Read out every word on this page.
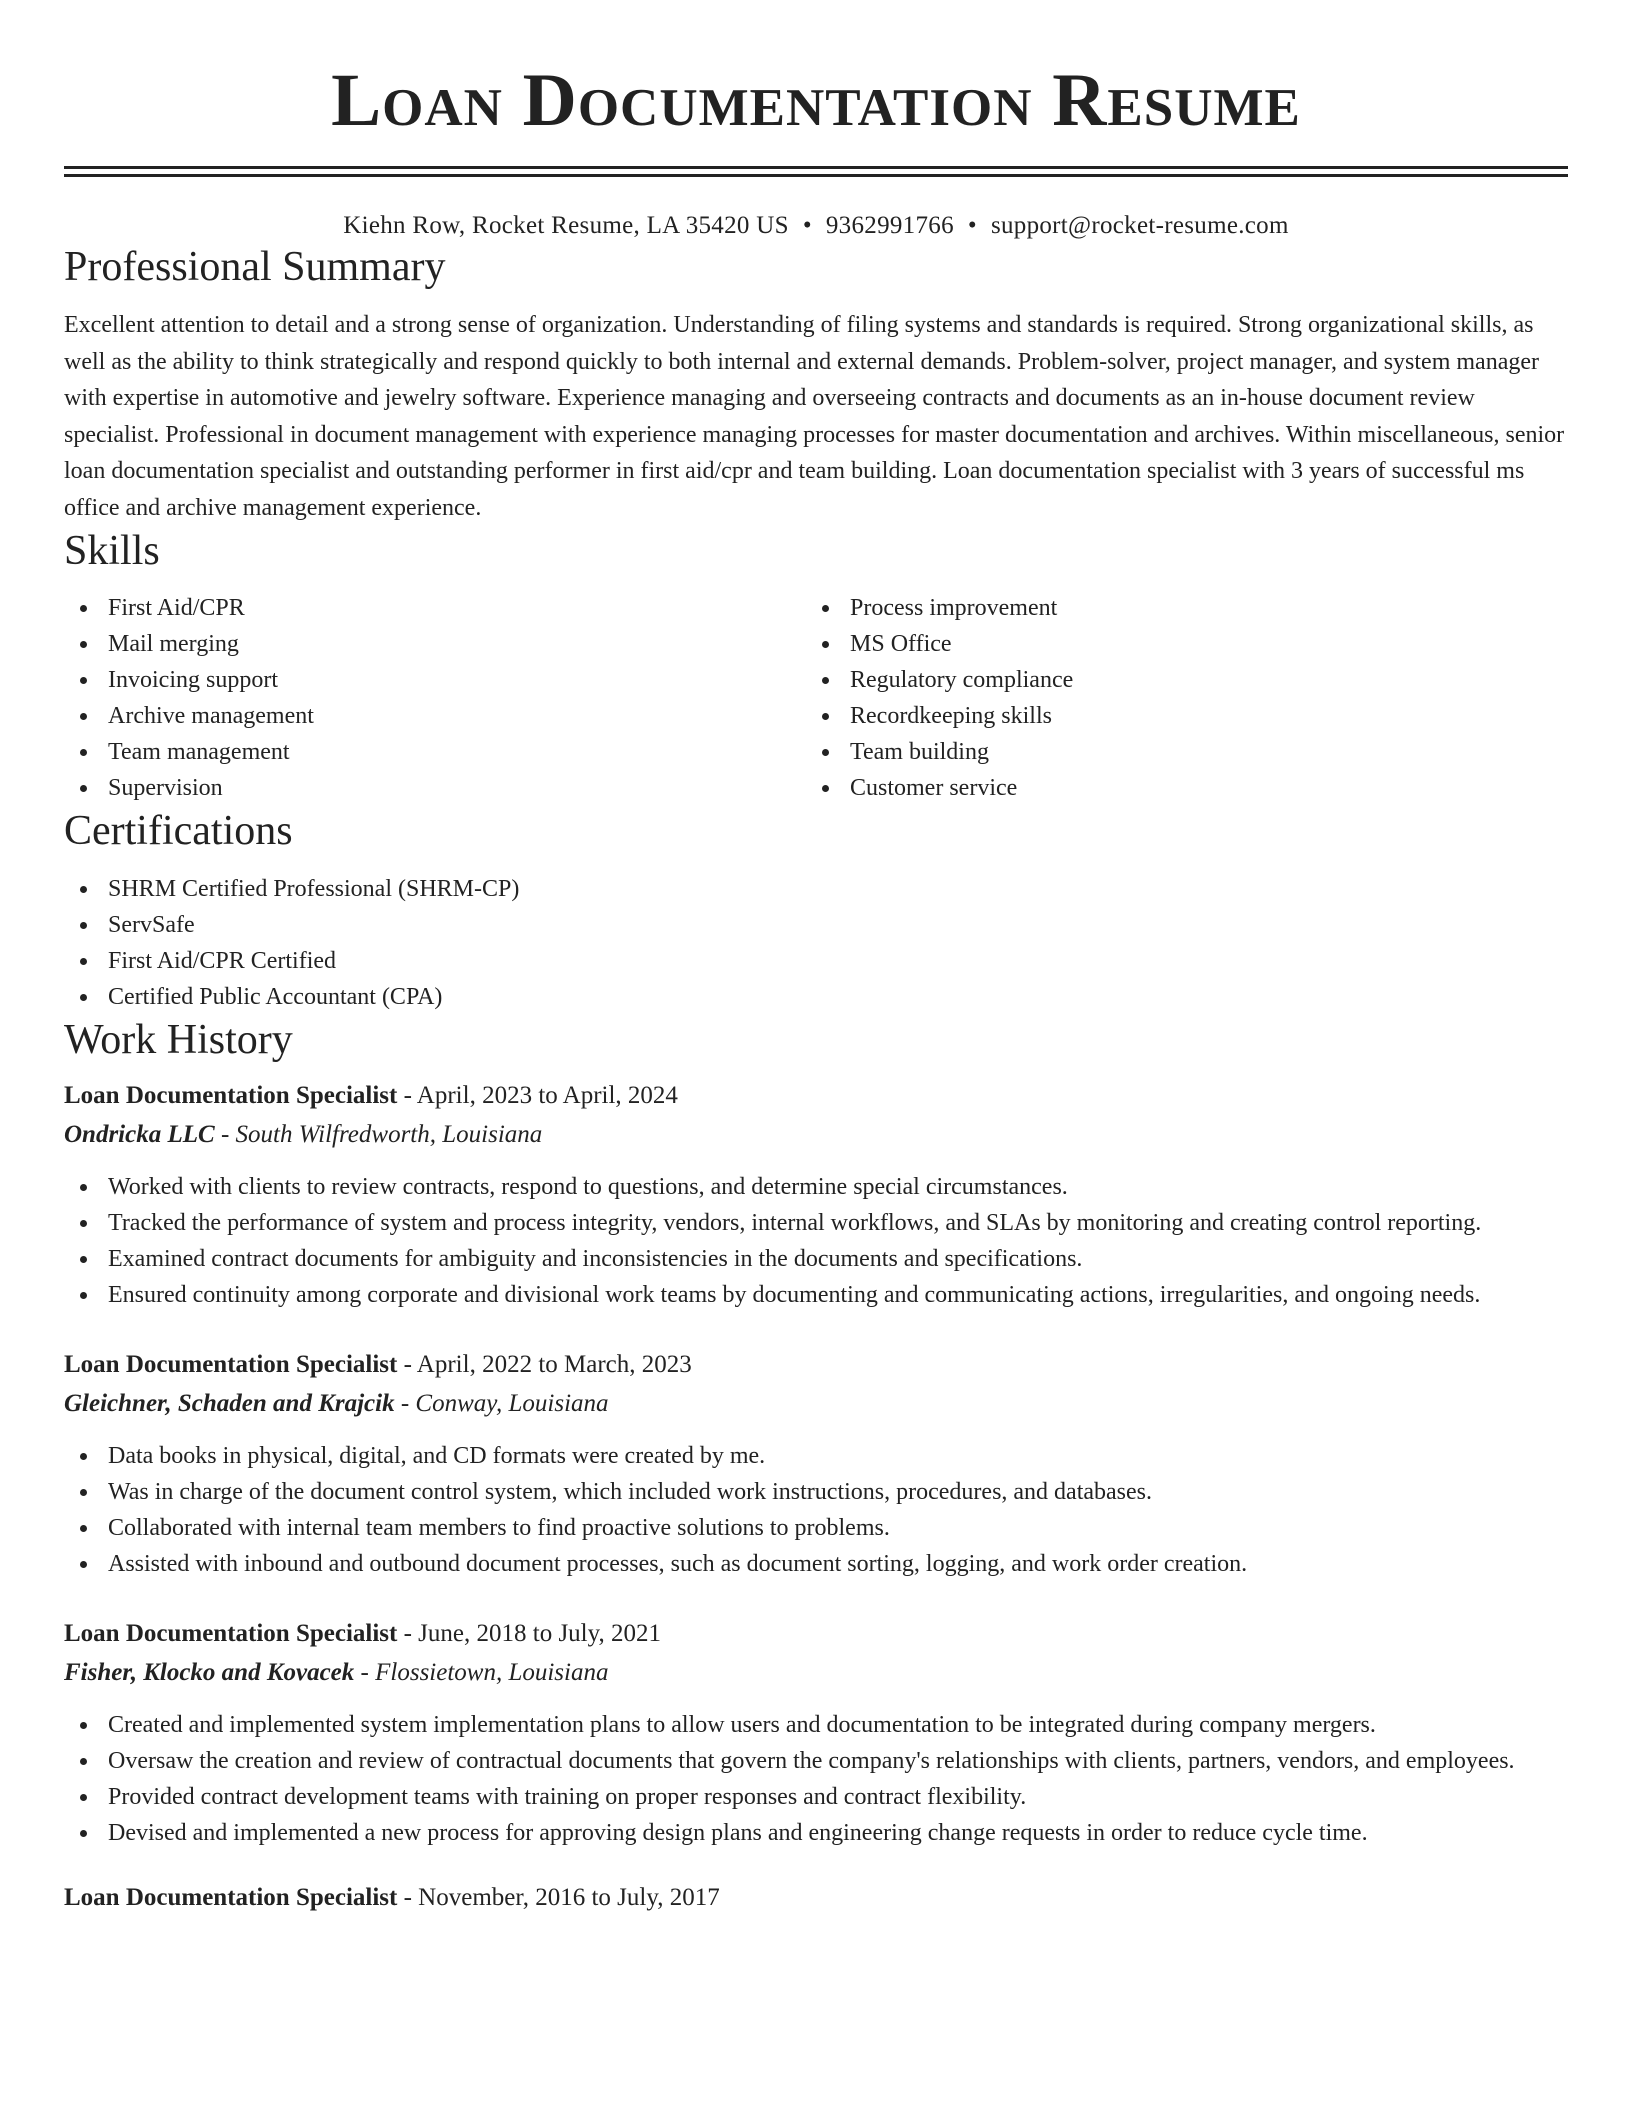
Loan Documentation Resume
Kiehn Row, Rocket Resume, LA 35420 US • 9362991766 • support@rocket-resume.com
Professional Summary
Excellent attention to detail and a strong sense of organization. Understanding of filing systems and standards is required. Strong organizational skills, as well as the ability to think strategically and respond quickly to both internal and external demands. Problem-solver, project manager, and system manager with expertise in automotive and jewelry software. Experience managing and overseeing contracts and documents as an in-house document review specialist. Professional in document management with experience managing processes for master documentation and archives. Within miscellaneous, senior loan documentation specialist and outstanding performer in first aid/cpr and team building. Loan documentation specialist with 3 years of successful ms office and archive management experience.
Skills
First Aid/CPR
Mail merging
Invoicing support
Archive management
Team management
Supervision
Process improvement
MS Office
Regulatory compliance
Recordkeeping skills
Team building
Customer service
Certifications
SHRM Certified Professional (SHRM-CP)
ServSafe
First Aid/CPR Certified
Certified Public Accountant (CPA)
Work History
Loan Documentation Specialist - April, 2023 to April, 2024
Ondricka LLC - South Wilfredworth, Louisiana
Worked with clients to review contracts, respond to questions, and determine special circumstances.
Tracked the performance of system and process integrity, vendors, internal workflows, and SLAs by monitoring and creating control reporting.
Examined contract documents for ambiguity and inconsistencies in the documents and specifications.
Ensured continuity among corporate and divisional work teams by documenting and communicating actions, irregularities, and ongoing needs.
Loan Documentation Specialist - April, 2022 to March, 2023
Gleichner, Schaden and Krajcik - Conway, Louisiana
Data books in physical, digital, and CD formats were created by me.
Was in charge of the document control system, which included work instructions, procedures, and databases.
Collaborated with internal team members to find proactive solutions to problems.
Assisted with inbound and outbound document processes, such as document sorting, logging, and work order creation.
Loan Documentation Specialist - June, 2018 to July, 2021
Fisher, Klocko and Kovacek - Flossietown, Louisiana
Created and implemented system implementation plans to allow users and documentation to be integrated during company mergers.
Oversaw the creation and review of contractual documents that govern the company's relationships with clients, partners, vendors, and employees.
Provided contract development teams with training on proper responses and contract flexibility.
Devised and implemented a new process for approving design plans and engineering change requests in order to reduce cycle time.
Loan Documentation Specialist - November, 2016 to July, 2017
